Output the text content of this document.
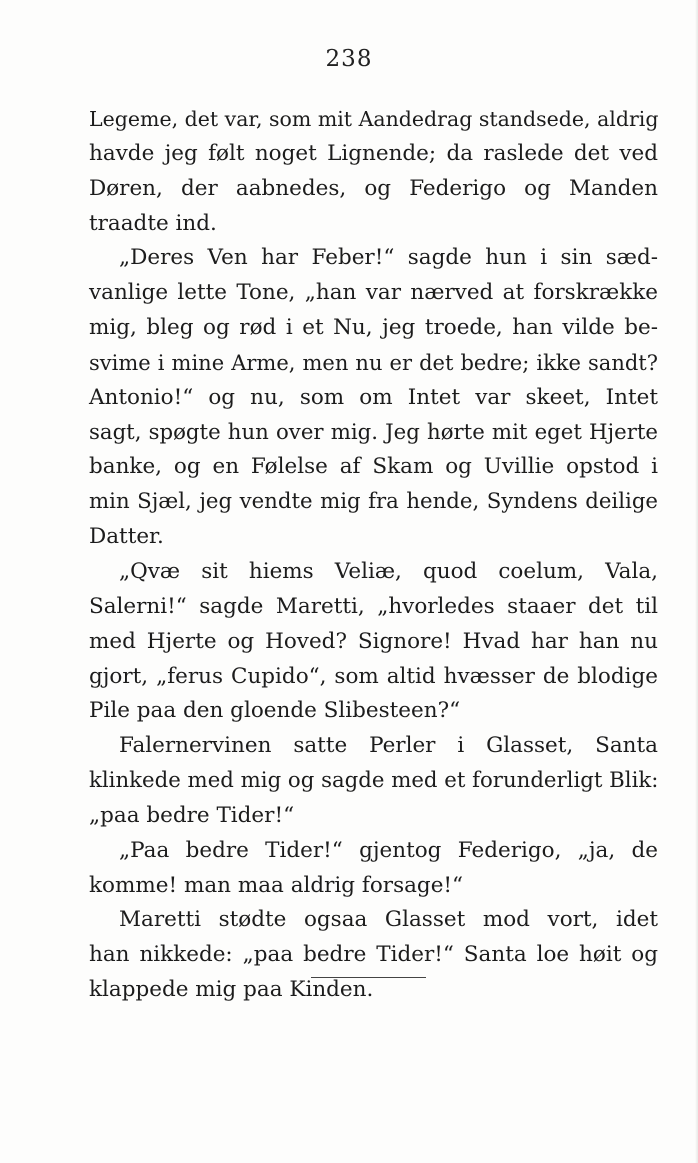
238
Legeme, det var, som mit Aandedrag standsede, aldrig
havde jeg følt noget Lignende; da raslede det ved
Døren, der aabnedes, og Federigo og Manden
traadte ind.
„Deres Ven har Feber!“ sagde hun i sin sæd-
vanlige lette Tone, „han var nærved at forskrække
mig, bleg og rød i et Nu, jeg troede, han vilde be-
svime i mine Arme, men nu er det bedre; ikke sandt?
Antonio!“ og nu, som om Intet var skeet, Intet
sagt, spøgte hun over mig. Jeg hørte mit eget Hjerte
banke, og en Følelse af Skam og Uvillie opstod i
min Sjæl, jeg vendte mig fra hende, Syndens deilige
Datter.
„Qvæ sit hiems Veliæ, quod coelum, Vala,
Salerni!“ sagde Maretti, „hvorledes staaer det til
med Hjerte og Hoved? Signore! Hvad har han nu
gjort, „ferus Cupido“, som altid hvæsser de blodige
Pile paa den gloende Slibesteen?“
Falernervinen satte Perler i Glasset, Santa
klinkede med mig og sagde med et forunderligt Blik:
„paa bedre Tider!“
„Paa bedre Tider!“ gjentog Federigo, „ja, de
komme! man maa aldrig forsage!“
Maretti stødte ogsaa Glasset mod vort, idet
han nikkede: „paa bedre Tider!“ Santa loe høit og
klappede mig paa Kinden.
